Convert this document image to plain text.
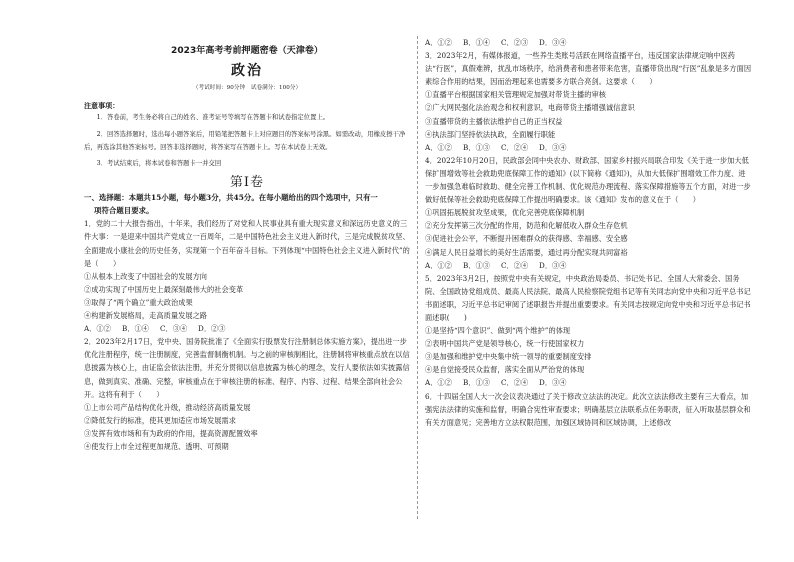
2023年高考考前押题密卷（天津卷）
政治
（考试时间：90分钟　试卷满分：100分）
注意事项：

1．答卷前，考生务必将自己的姓名、准考证号等填写在答题卡和试卷指定位置上。

2．回答选择题时，选出每小题答案后，用铅笔把答题卡上对应题目的答案标号涂黑。如需改动，用橡皮擦干净后，再选涂其他答案标号。回答非选择题时，将答案写在答题卡上。写在本试卷上无效。

3．考试结束后，将本试卷和答题卡一并交回

第Ⅰ卷
一、选择题：本题共15小题，每小题3分，共45分。在每小题给出的四个选项中，只有一
项符合题目要求。

1．党的二十大报告指出，十年来，我们经历了对党和人民事业具有重大现实意义和深远历史意义的三件大事：一是迎来中国共产党成立一百周年，二是中国特色社会主义进入新时代，三是完成脱贫攻坚、全面建成小康社会的历史任务，实现第一个百年奋斗目标。下列体现“中国特色社会主义进入新时代”的是（　　）

①从根本上改变了中国社会的发展方向

②成功实现了中国历史上最深刻最伟大的社会变革

③取得了“两个确立”重大政治成果

④构建新发展格局，走高质量发展之路

A．①②	B．①④	C．③④	D．②③

2．2023年2月17日，党中央、国务院批准了《全面实行股票发行注册制总体实施方案》，提出进一步优化注册程序，统一注册制度，完善监督制衡机制。与之前的审核制相比，注册制将审核重点放在以信息披露为核心上，由证监会依法注册，并充分贯彻以信息披露为核心的理念，发行人要依法如实披露信息，做到真实、准确、完整，审核重点在于审核注册的标准、程序、内容、过程、结果全部向社会公开。这将有利于（　　）

①上市公司产品结构优化升级，推动经济高质量发展

②降低发行的标准，使其更加适应市场发展需求

③发挥有效市场和有为政府的作用，提高资源配置效率

④使发行上市全过程更加规范、透明、可预期

A．①②	B．①④	C．②③	D．③④

3．2023年2月，有媒体报道，一些养生类账号活跃在网络直播平台，违反国家法律规定响中医药法“行医”，真假难辨，扰乱市场秩序，给消费者和患者带来危害，直播带货出现“行医”乱象是多方面因素综合作用的结果，因而治理起来也需要多方联合亮剑。这要求（　　）

①直播平台根据国家相关管理规定加强对带货主播的审核

②广大网民强化法治观念和权利意识，电商带货主播增强诚信意识

③直播带货的主播依法维护自己的正当权益

④执法部门坚持依法执政，全面履行职能

A．①②	B．①③	C．②④	D．③④

4．2022年10月20日，民政部会同中央农办、财政部、国家乡村振兴局联合印发《关于进一步加大低保扩围增效等社会救助兜底保障工作的通知》(以下简称《通知》)，从加大低保扩围增效工作力度、进一步加强急难临时救助、健全完善工作机制、优化规范办理流程、落实保障措施等五个方面，对进一步做好低保等社会救助兜底保障工作提出明确要求。该《通知》发布的意义在于（　　）

①巩固拓展脱贫攻坚成果，优化完善兜底保障机制

②充分发挥第三次分配的作用，防范和化解低收入群众生存危机

③促进社会公平，不断提升困难群众的获得感、幸福感、安全感

④满足人民日益增长的美好生活需要，通过再分配实现共同富裕

A．①②	B．①③	C．②④	D．③④

5．2023年3月2日，按照党中央有关规定，中央政治局委员、书记处书记、全国人大常委会、国务院、全国政协党组成员、最高人民法院、最高人民检察院党组书记等有关同志向党中央和习近平总书记书面述职，习近平总书记审阅了述职报告并提出重要要求。有关同志按规定向党中央和习近平总书记书面述职(　　)

①是坚持“四个意识”、做到“两个维护”的体现

②表明中国共产党是领导核心，统一行使国家权力

③是加强和维护党中央集中统一领导的重要制度安排

④是自觉接受民众监督，落实全面从严治党的体现

A．①②	B．①③	C．②④	D．③④

6．十四届全国人大一次会议表决通过了关于修改立法法的决定。此次立法法修改主要有三大看点，加强宪法法律的实施和监督，明确合宪性审查要求；明确基层立法联系点任务职责，征入听取基层群众和有关方面意见；完善地方立法权限范围，加强区域协同和区域协调，上述修改
